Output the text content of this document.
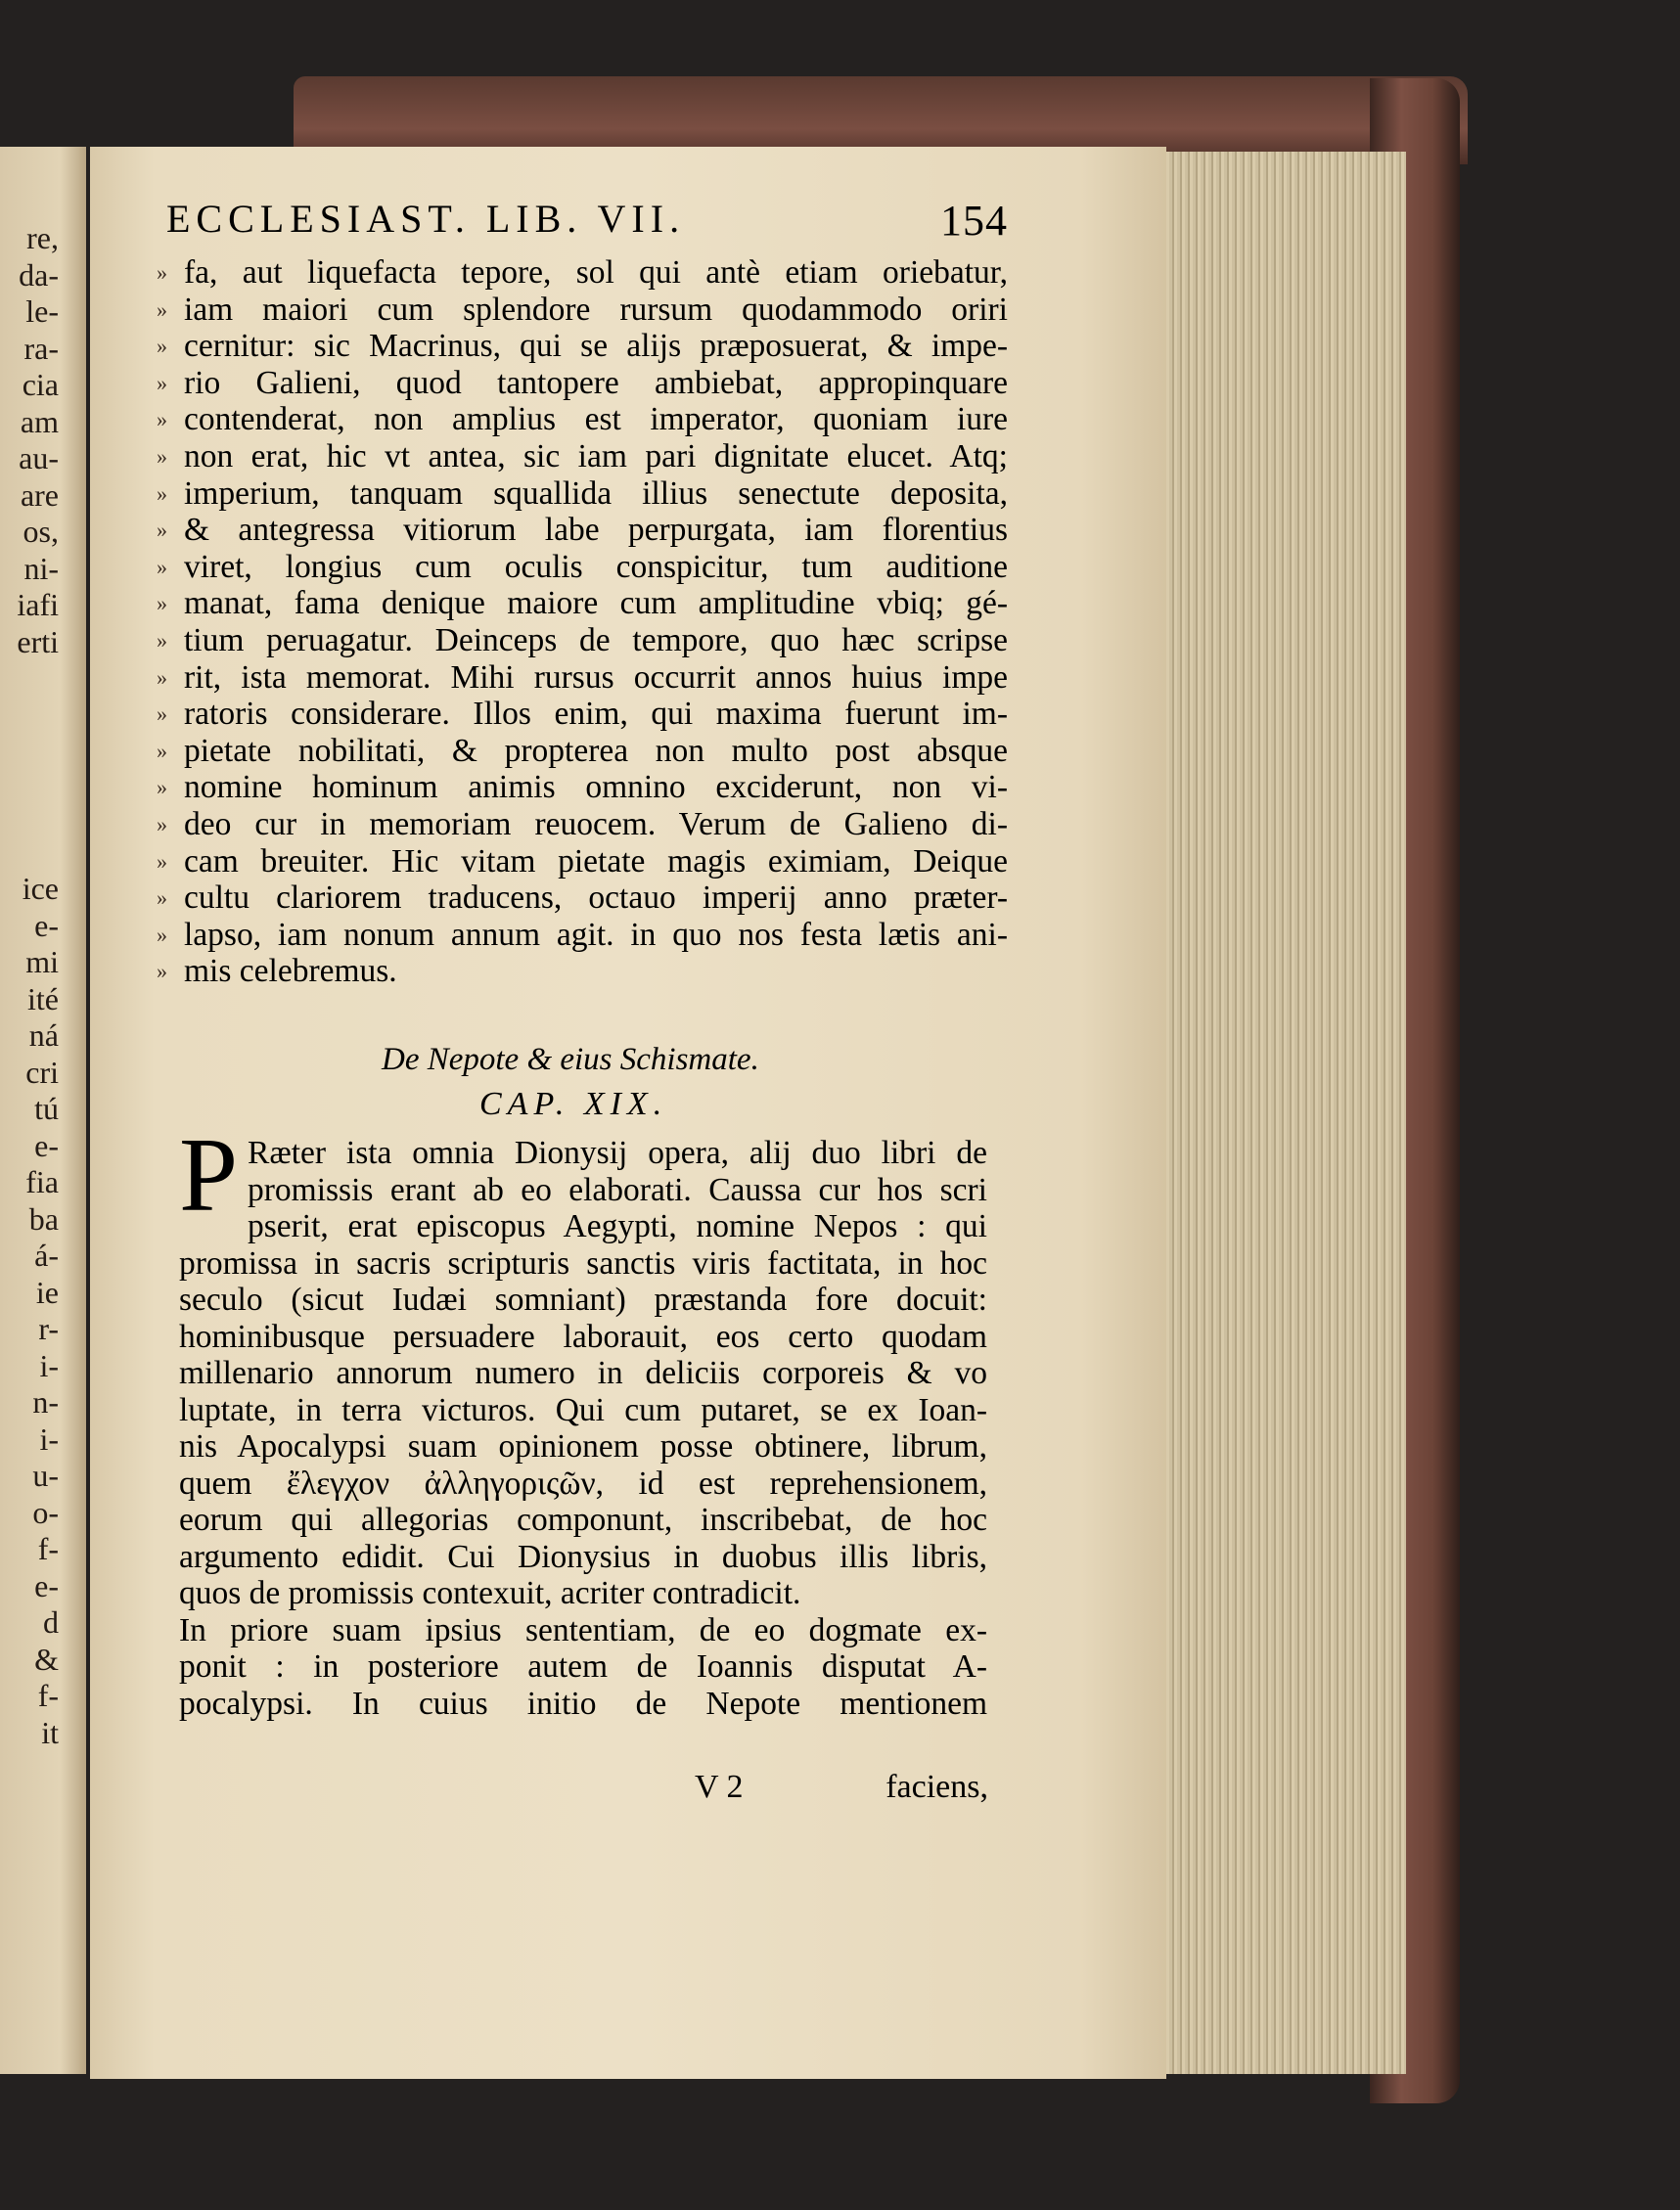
re,
da-
le-
ra-
cia
am
au-
are
os,
ni-
iafi
erti
ice
e-
mi
ité
ná
cri
tú
e-
fia
ba
á-
ie
r-
i-
n-
i-
u-
o-
f-
e-
d
&
f-
it
ECCLESIAST. LIB. VII.	154
» fa, aut liquefacta tepore, sol qui antè etiam oriebatur,
» iam maiori cum splendore rursum quodammodo oriri
» cernitur: sic Macrinus, qui se alijs præposuerat, & impe-
» rio Galieni, quod tantopere ambiebat, appropinquare
» contenderat, non amplius est imperator, quoniam iure
» non erat, hic vt antea, sic iam pari dignitate elucet. Atq;
» imperium, tanquam squallida illius senectute deposita,
» & antegressa vitiorum labe perpurgata, iam florentius
» viret, longius cum oculis conspicitur, tum auditione
» manat, fama denique maiore cum amplitudine vbiq; gé-
» tium peruagatur. Deinceps de tempore, quo hæc scripse
» rit, ista memorat. Mihi rursus occurrit annos huius impe
» ratoris considerare. Illos enim, qui maxima fuerunt im-
» pietate nobilitati, & propterea non multo post absque
» nomine hominum animis omnino exciderunt, non vi-
» deo cur in memoriam reuocem. Verum de Galieno di-
» cam breuiter. Hic vitam pietate magis eximiam, Deique
» cultu clariorem traducens, octauo imperij anno præter-
» lapso, iam nonum annum agit. in quo nos festa lætis ani-
» mis celebremus.
De Nepote & eius Schismate.
CAP. XIX.
P Ræter ista omnia Dionysij opera, alij duo libri de
promissis erant ab eo elaborati. Caussa cur hos scri
pserit, erat episcopus Aegypti, nomine Nepos : qui
promissa in sacris scripturis sanctis viris factitata, in hoc
seculo (sicut Iudæi somniant) præstanda fore docuit:
hominibusque persuadere laborauit, eos certo quodam
millenario annorum numero in deliciis corporeis & vo
luptate, in terra victuros. Qui cum putaret, se ex Ioan-
nis Apocalypsi suam opinionem posse obtinere, librum,
quem ἔλεγχον ἀλληγοριςῶν, id est reprehensionem,
eorum qui allegorias componunt, inscribebat, de hoc
argumento edidit. Cui Dionysius in duobus illis libris,
quos de promissis contexuit, acriter contradicit.
In priore suam ipsius sententiam, de eo dogmate ex-
ponit : in posteriore autem de Ioannis disputat A-
pocalypsi. In cuius initio de Nepote mentionem
V 2	faciens,
